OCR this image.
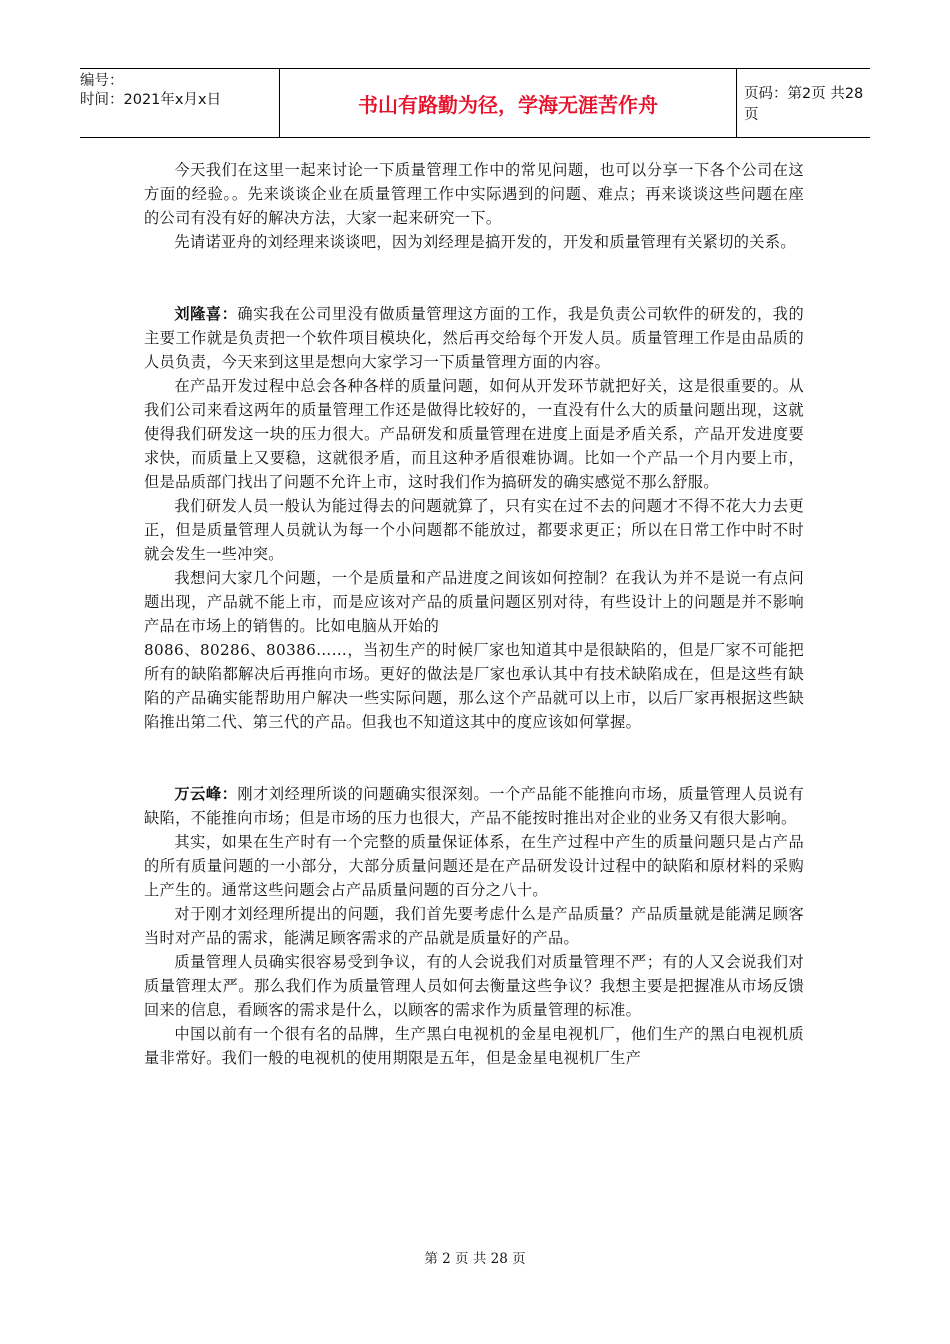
编号：
时间：2021年x月x日	书山有路勤为径，学海无涯苦作舟	页码：第2页 共28页

今天我们在这里一起来讨论一下质量管理工作中的常见问题，也可以分享一下各个公司在这方面的经验。。先来谈谈企业在质量管理工作中实际遇到的问题、难点；再来谈谈这些问题在座的公司有没有好的解决方法，大家一起来研究一下。

先请诺亚舟的刘经理来谈谈吧，因为刘经理是搞开发的，开发和质量管理有关紧切的关系。

刘隆喜：确实我在公司里没有做质量管理这方面的工作，我是负责公司软件的研发的，我的主要工作就是负责把一个软件项目模块化，然后再交给每个开发人员。质量管理工作是由品质的人员负责，今天来到这里是想向大家学习一下质量管理方面的内容。

在产品开发过程中总会各种各样的质量问题，如何从开发环节就把好关，这是很重要的。从我们公司来看这两年的质量管理工作还是做得比较好的，一直没有什么大的质量问题出现，这就使得我们研发这一块的压力很大。产品研发和质量管理在进度上面是矛盾关系，产品开发进度要求快，而质量上又要稳，这就很矛盾，而且这种矛盾很难协调。比如一个产品一个月内要上市，但是品质部门找出了问题不允许上市，这时我们作为搞研发的确实感觉不那么舒服。

我们研发人员一般认为能过得去的问题就算了，只有实在过不去的问题才不得不花大力去更正，但是质量管理人员就认为每一个小问题都不能放过，都要求更正；所以在日常工作中时不时就会发生一些冲突。

我想问大家几个问题，一个是质量和产品进度之间该如何控制？在我认为并不是说一有点问题出现，产品就不能上市，而是应该对产品的质量问题区别对待，有些设计上的问题是并不影响产品在市场上的销售的。比如电脑从开始的

8086、80286、80386……，当初生产的时候厂家也知道其中是很缺陷的，但是厂家不可能把所有的缺陷都解决后再推向市场。更好的做法是厂家也承认其中有技术缺陷成在，但是这些有缺陷的产品确实能帮助用户解决一些实际问题，那么这个产品就可以上市，以后厂家再根据这些缺陷推出第二代、第三代的产品。但我也不知道这其中的度应该如何掌握。

万云峰：刚才刘经理所谈的问题确实很深刻。一个产品能不能推向市场，质量管理人员说有缺陷，不能推向市场；但是市场的压力也很大，产品不能按时推出对企业的业务又有很大影响。

其实，如果在生产时有一个完整的质量保证体系，在生产过程中产生的质量问题只是占产品的所有质量问题的一小部分，大部分质量问题还是在产品研发设计过程中的缺陷和原材料的采购上产生的。通常这些问题会占产品质量问题的百分之八十。

对于刚才刘经理所提出的问题，我们首先要考虑什么是产品质量？产品质量就是能满足顾客当时对产品的需求，能满足顾客需求的产品就是质量好的产品。

质量管理人员确实很容易受到争议，有的人会说我们对质量管理不严；有的人又会说我们对质量管理太严。那么我们作为质量管理人员如何去衡量这些争议？我想主要是把握准从市场反馈回来的信息，看顾客的需求是什么，以顾客的需求作为质量管理的标准。

中国以前有一个很有名的品牌，生产黑白电视机的金星电视机厂，他们生产的黑白电视机质量非常好。我们一般的电视机的使用期限是五年，但是金星电视机厂生产

第 2 页 共 28 页
